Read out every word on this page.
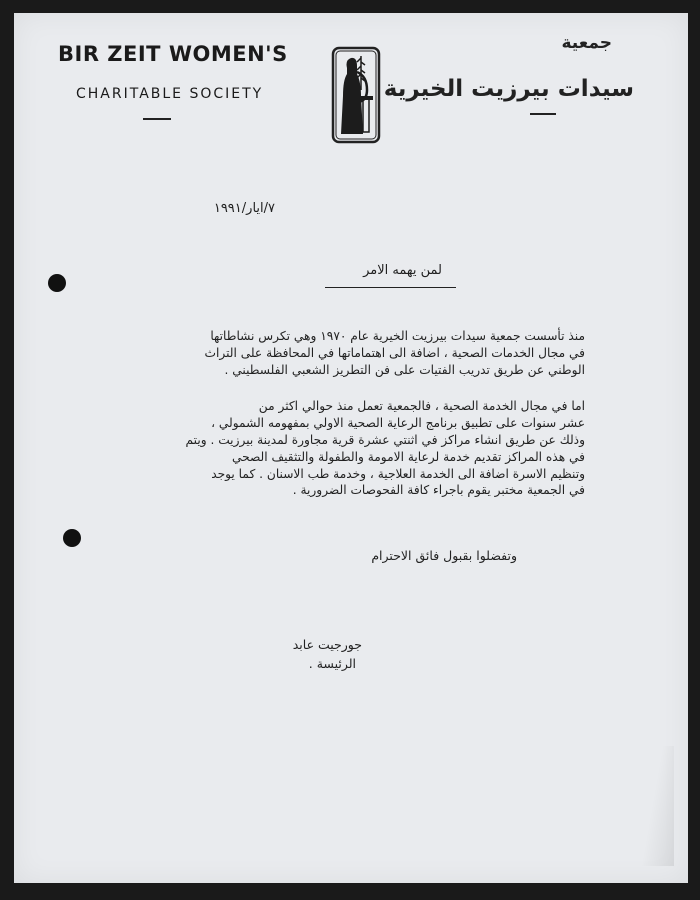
BIR ZEIT WOMEN'S
CHARITABLE SOCIETY
جمعية
سيدات بيرزيت الخيرية
٧/ايار/١٩٩١
لمن يهمه الامر
منذ تأسست جمعية سيدات بيرزيت الخيرية عام ١٩٧٠ وهي تكرس نشاطاتها
في مجال الخدمات الصحية ، اضافة الى اهتماماتها في المحافظة على التراث
الوطني عن طريق تدريب الفتيات على فن التطريز الشعبي الفلسطيني .
اما في مجال الخدمة الصحية ، فالجمعية تعمل منذ حوالي اكثر من
عشر سنوات على تطبيق برنامج الرعاية الصحية الاولي بمفهومه الشمولي ،
وذلك عن طريق انشاء مراكز في اثنتي عشرة قرية مجاورة لمدينة بيرزيت . ويتم
في هذه المراكز تقديم خدمة لرعاية الامومة والطفولة والتثقيف الصحي
وتنظيم الاسرة اضافة الى الخدمة العلاجية ، وخدمة طب الاسنان . كما يوجد
في الجمعية مختبر يقوم باجراء كافة الفحوصات الضرورية .
وتفضلوا بقبول فائق الاحترام
جورجيت عابد
الرئيسة .
